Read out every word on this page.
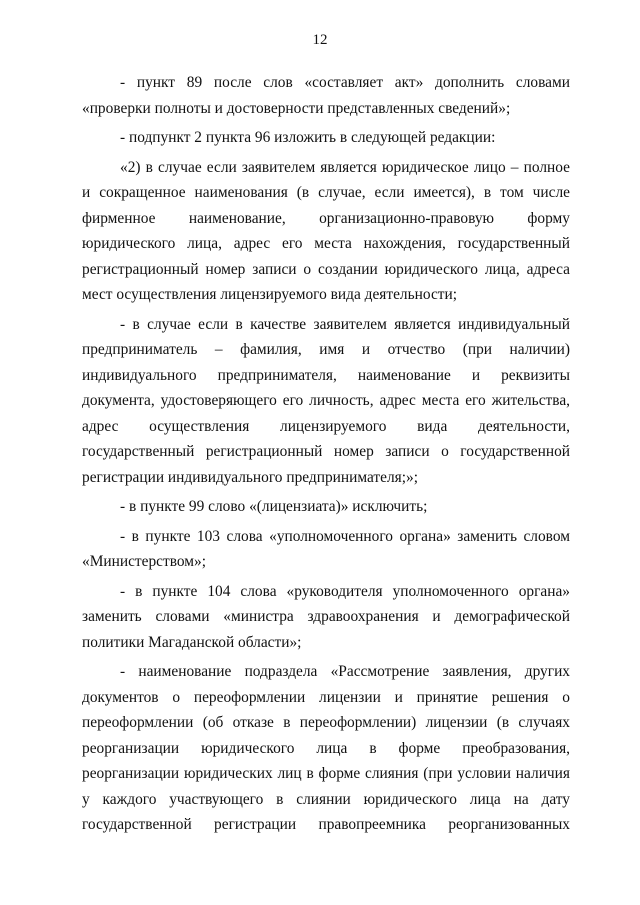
12

- пункт 89 после слов «составляет акт» дополнить словами «проверки полноты и достоверности представленных сведений»;

- подпункт 2 пункта 96 изложить в следующей редакции:

«2) в случае если заявителем является юридическое лицо – полное и сокращенное наименования (в случае, если имеется), в том числе фирменное наименование, организационно-правовую форму юридического лица, адрес его места нахождения, государственный регистрационный номер записи о создании юридического лица, адреса мест осуществления лицензируемого вида деятельности;

- в случае если в качестве заявителем является индивидуальный предприниматель – фамилия, имя и отчество (при наличии) индивидуального предпринимателя, наименование и реквизиты документа, удостоверяющего его личность, адрес места его жительства, адрес осуществления лицензируемого вида деятельности, государственный регистрационный номер записи о государственной регистрации индивидуального предпринимателя;»;

- в пункте 99 слово «(лицензиата)» исключить;

- в пункте 103 слова «уполномоченного органа» заменить словом «Министерством»;

- в пункте 104 слова «руководителя уполномоченного органа» заменить словами «министра здравоохранения и демографической политики Магаданской области»;

- наименование подраздела «Рассмотрение заявления, других документов о переоформлении лицензии и принятие решения о переоформлении (об отказе в переоформлении) лицензии (в случаях реорганизации юридического лица в форме преобразования, реорганизации юридических лиц в форме слияния (при условии наличия у каждого участвующего в слиянии юридического лица на дату государственной регистрации правопреемника реорганизованных
